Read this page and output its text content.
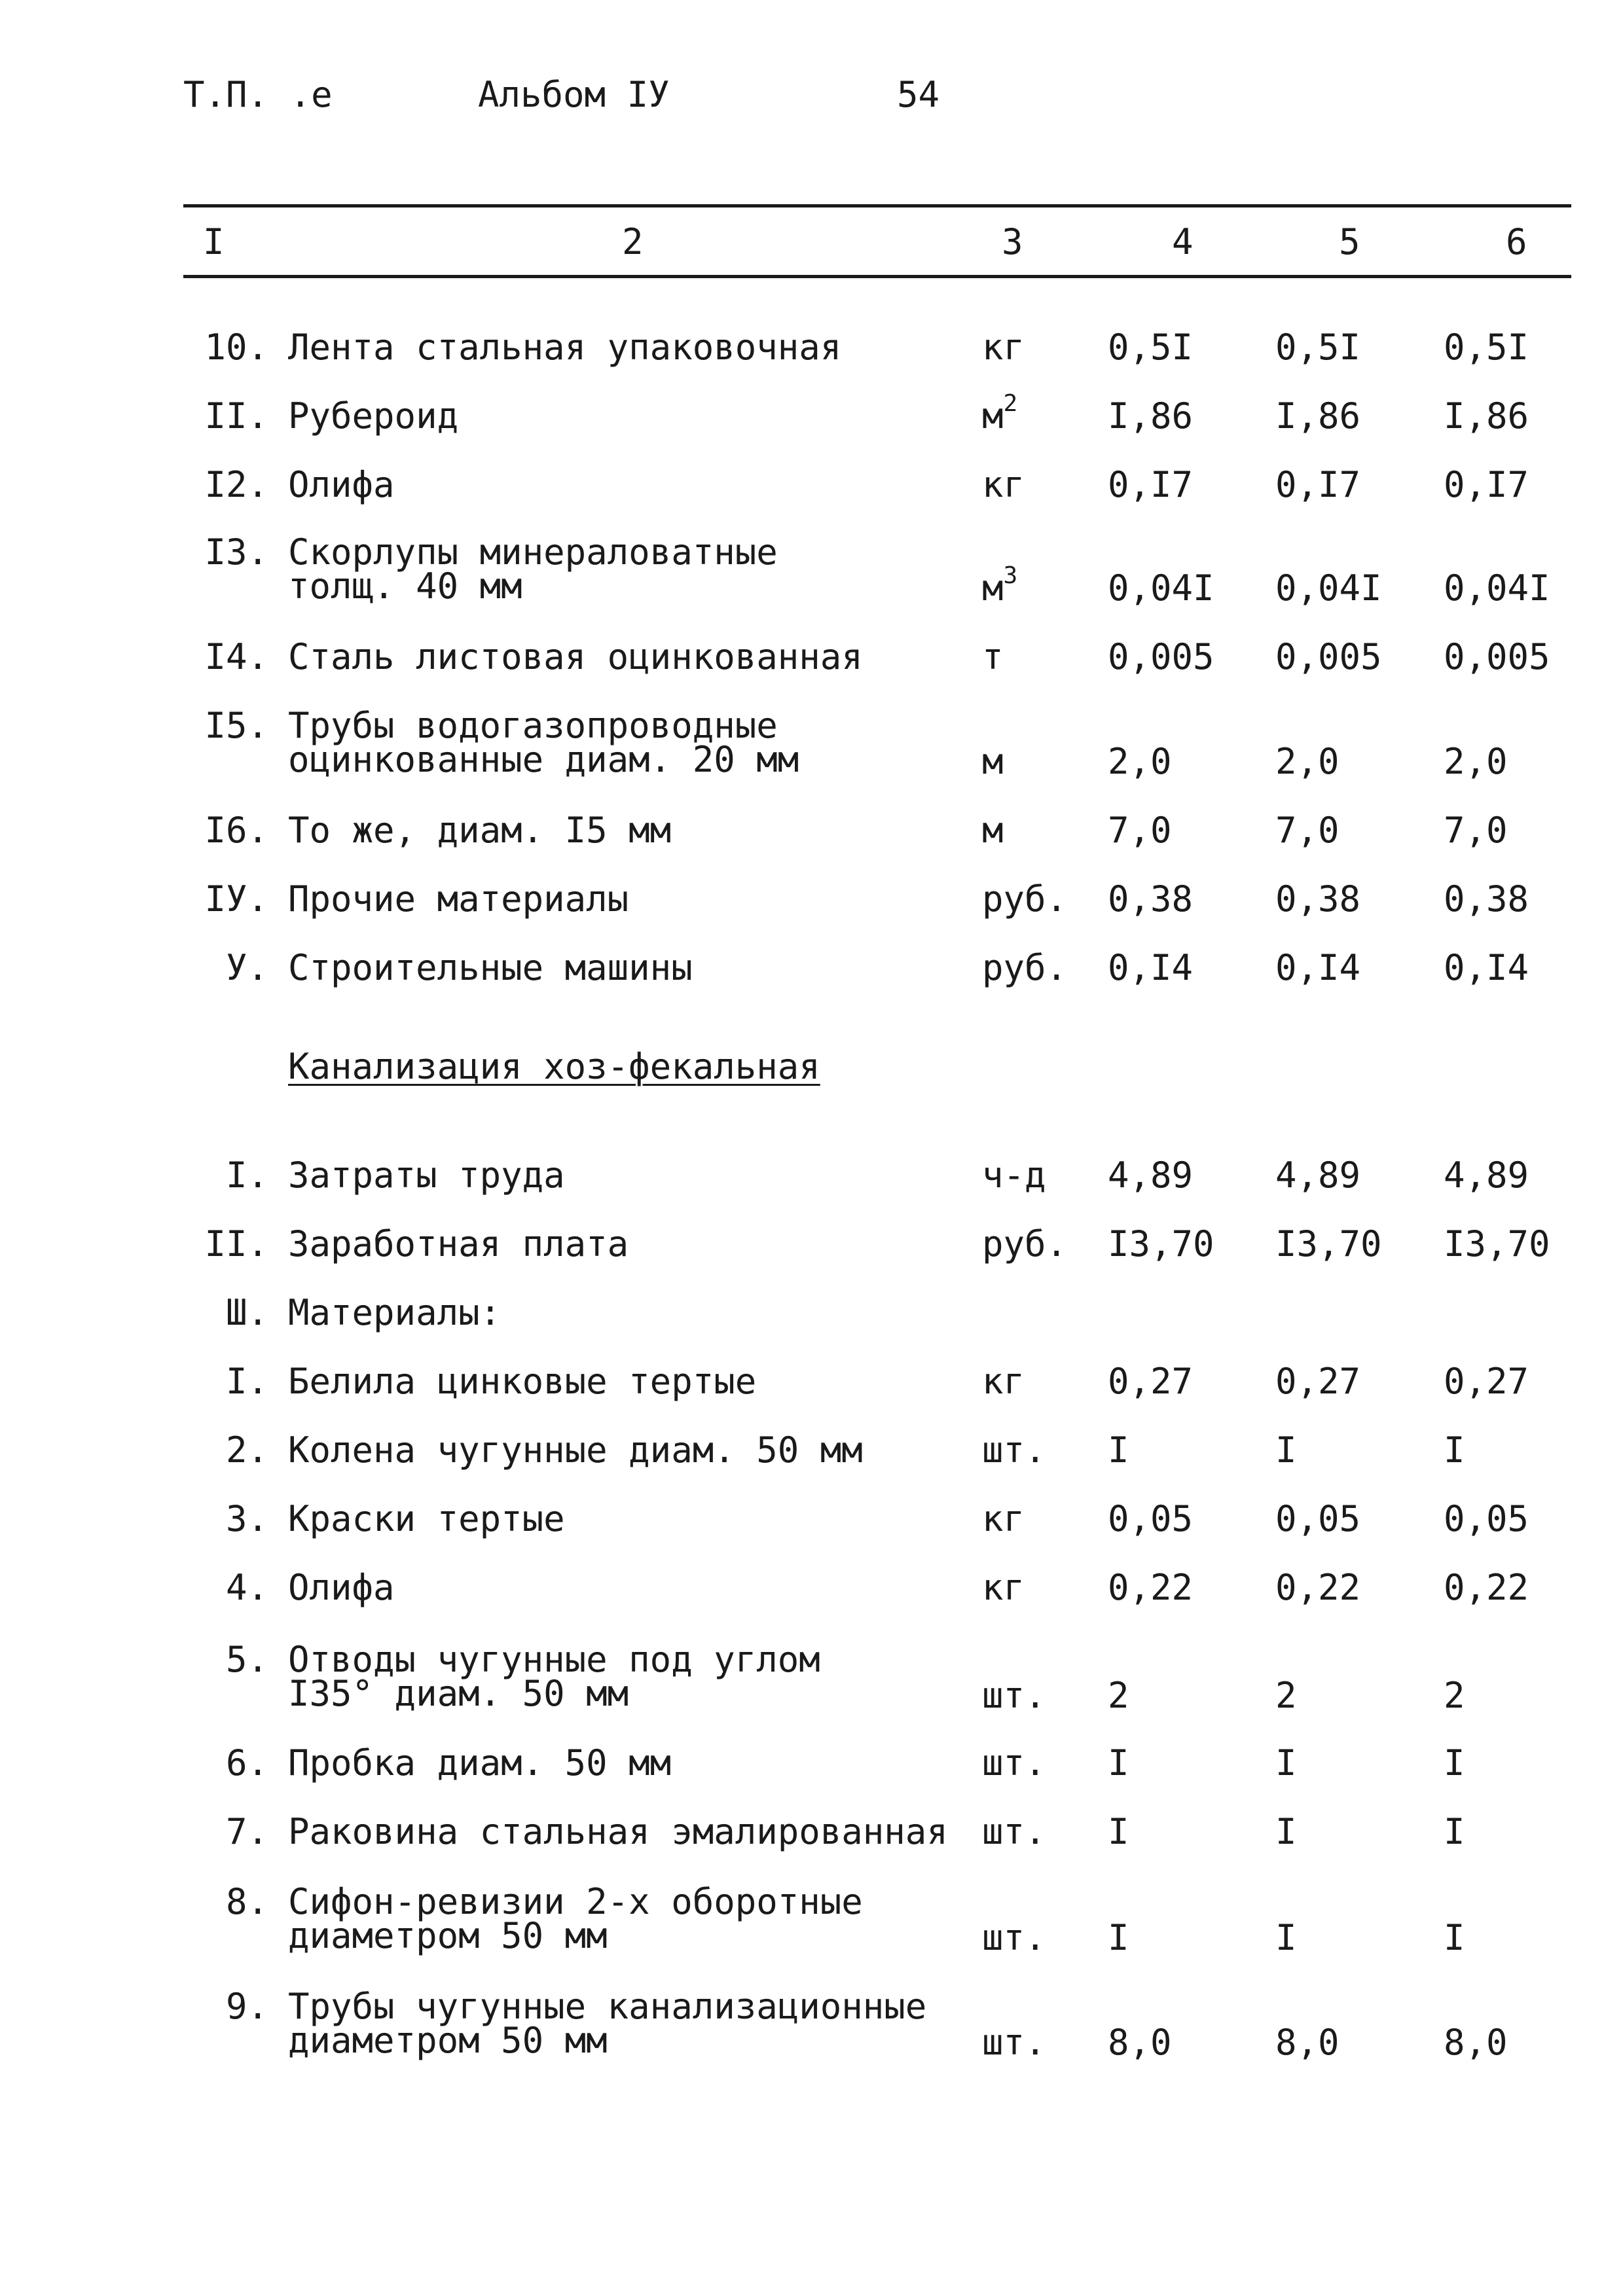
Т.П. .е	Альбом IУ	54
I	2	3	4	5	6
10. Лента стальная упаковочная	кг	0,5I	0,5I	0,5I
II. Рубероид	$м^2$	I,86	I,86	I,86
I2. Олифа	кг	0,I7	0,I7	0,I7
I3. Скорлупы минераловатные
толщ. 40 мм	$м^3$	0,04I	0,04I	0,04I
I4. Сталь листовая оцинкованная	т	0,005	0,005	0,005
I5. Трубы водогазопроводные
оцинкованные диам. 20 мм	м	2,0	2,0	2,0
I6. То же, диам. I5 мм	м	7,0	7,0	7,0
IУ. Прочие материалы	руб.	0,38	0,38	0,38
У. Строительные машины	руб.	0,I4	0,I4	0,I4
Канализация хоз-фекальная
I. Затраты труда	ч-д	4,89	4,89	4,89
II. Заработная плата	руб.	I3,70	I3,70	I3,70
Ш. Материалы:
I. Белила цинковые тертые	кг	0,27	0,27	0,27
2. Колена чугунные диам. 50 мм	шт.	I	I	I
3. Краски тертые	кг	0,05	0,05	0,05
4. Олифа	кг	0,22	0,22	0,22
5. Отводы чугунные под углом
I35° диам. 50 мм	шт.	2	2	2
6. Пробка диам. 50 мм	шт.	I	I	I
7. Раковина стальная эмалированная шт.	I	I	I
8. Сифон-ревизии 2-х оборотные
диаметром 50 мм	шт.	I	I	I
9. Трубы чугунные канализационные
диаметром 50 мм	шт.	8,0	8,0	8,0
